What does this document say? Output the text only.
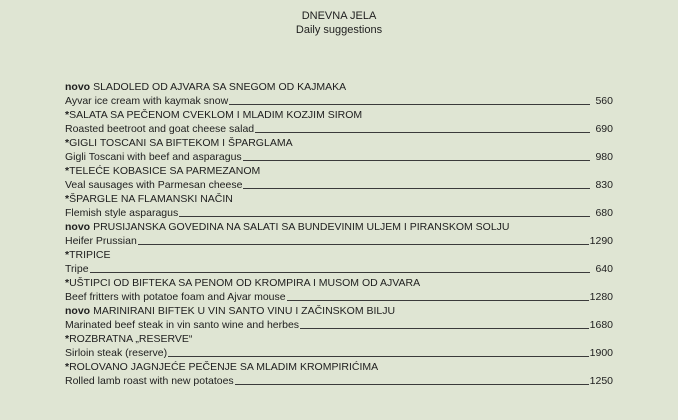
DNEVNA JELA
Daily suggestions
novo SLADOLED OD AJVARA SA SNEGOM OD KAJMAKA
Ayvar ice cream with kaymak snow	560
*SALATA SA PEČENOM CVEKLOM I MLADIM KOZJIM SIROM
Roasted beetroot and goat cheese salad	690
*GIGLI TOSCANI SA BIFTEKOM I ŠPARGLAMA
Gigli Toscani with beef and asparagus	980
*TELEĆE KOBASICE SA PARMEZANOM
Veal sausages with Parmesan cheese	830
*ŠPARGLE NA FLAMANSKI NAČIN
Flemish style asparagus	680
novo PRUSIJANSKA GOVEDINA NA SALATI SA BUNDEVINIM ULJEM I PIRANSKOM SOLJU
Heifer Prussian	1290
*TRIPICE
Tripe	640
*UŠTIPCI OD BIFTEKA SA PENOM OD KROMPIRA I MUSOM OD AJVARA
Beef fritters with potatoe foam and Ajvar mouse	1280
novo MARINIRANI BIFTEK U VIN SANTO VINU I ZAČINSKOM BILJU
Marinated beef steak in vin santo wine and herbes	1680
*ROZBRATNA „RESERVE“
Sirloin steak (reserve)	1900
*ROLOVANO JAGNJEĆE PEČENJE SA MLADIM KROMPIRIĆIMA
Rolled lamb roast with new potatoes	1250
